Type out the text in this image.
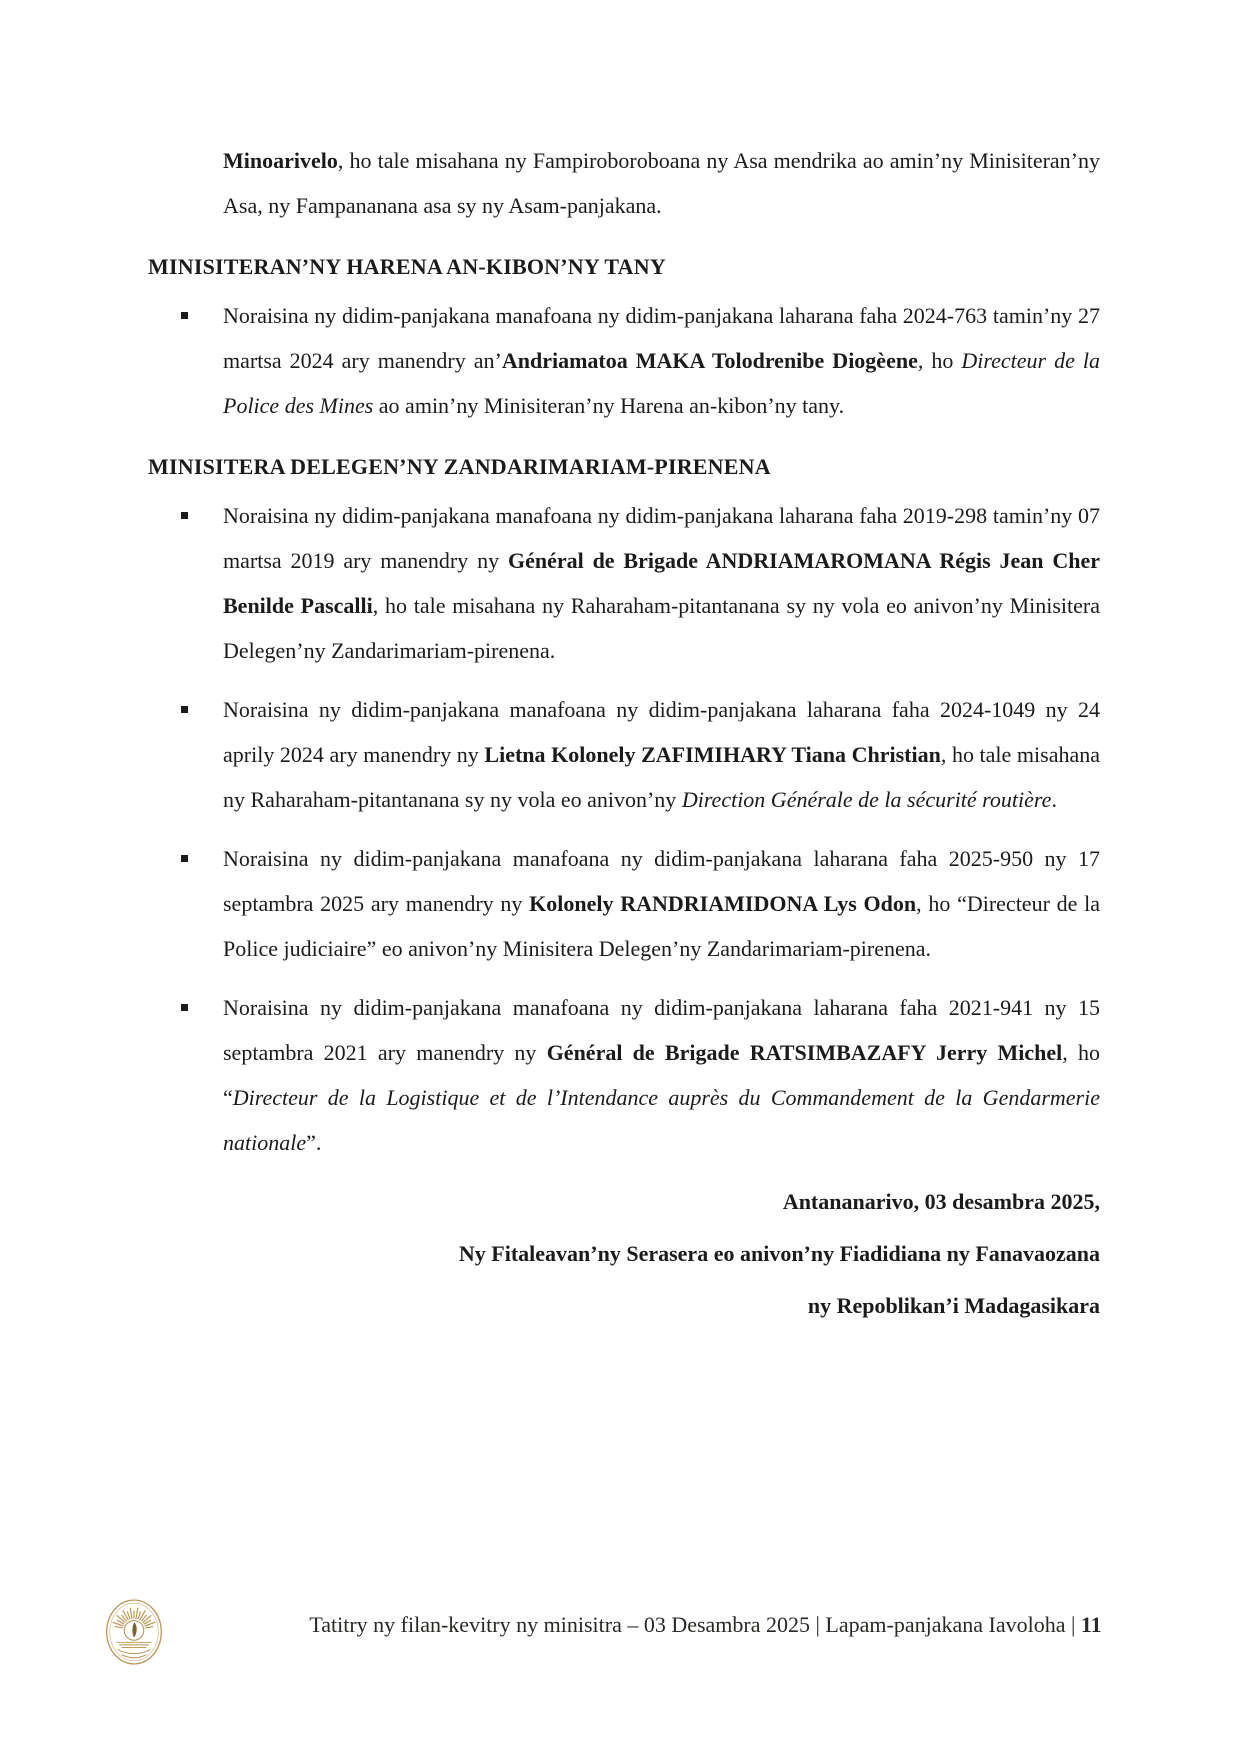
Minoarivelo, ho tale misahana ny Fampiroboroboana ny Asa mendrika ao amin’ny Minisiteran’ny Asa, ny Fampananana asa sy ny Asam-panjakana.

MINISITERAN’NY HARENA AN-KIBON’NY TANY

Noraisina ny didim-panjakana manafoana ny didim-panjakana laharana faha 2024-763 tamin’ny 27 martsa 2024 ary manendry an’Andriamatoa MAKA Tolodrenibe Diogèene, ho Directeur de la Police des Mines ao amin’ny Minisiteran’ny Harena an-kibon’ny tany.

MINISITERA DELEGEN’NY ZANDARIMARIAM-PIRENENA

Noraisina ny didim-panjakana manafoana ny didim-panjakana laharana faha 2019-298 tamin’ny 07 martsa 2019 ary manendry ny Général de Brigade ANDRIAMAROMANA Régis Jean Cher Benilde Pascalli, ho tale misahana ny Raharaham-pitantanana sy ny vola eo anivon’ny Minisitera Delegen’ny Zandarimariam-pirenena.

Noraisina ny didim-panjakana manafoana ny didim-panjakana laharana faha 2024-1049 ny 24 aprily 2024 ary manendry ny Lietna Kolonely ZAFIMIHARY Tiana Christian, ho tale misahana ny Raharaham-pitantanana sy ny vola eo anivon’ny Direction Générale de la sécurité routière.

Noraisina ny didim-panjakana manafoana ny didim-panjakana laharana faha 2025-950 ny 17 septambra 2025 ary manendry ny Kolonely RANDRIAMIDONA Lys Odon, ho “Directeur de la Police judiciaire” eo anivon’ny Minisitera Delegen’ny Zandarimariam-pirenena.

Noraisina ny didim-panjakana manafoana ny didim-panjakana laharana faha 2021-941 ny 15 septambra 2021 ary manendry ny Général de Brigade RATSIMBAZAFY Jerry Michel, ho “Directeur de la Logistique et de l’Intendance auprès du Commandement de la Gendarmerie nationale”.

Antananarivo, 03 desambra 2025,

Ny Fitaleavan’ny Serasera eo anivon’ny Fiadidiana ny Fanavaozana

ny Repoblikan’i Madagasikara

Tatitry ny filan-kevitry ny minisitra – 03 Desambra 2025 | Lapam-panjakana Iavoloha | 11
